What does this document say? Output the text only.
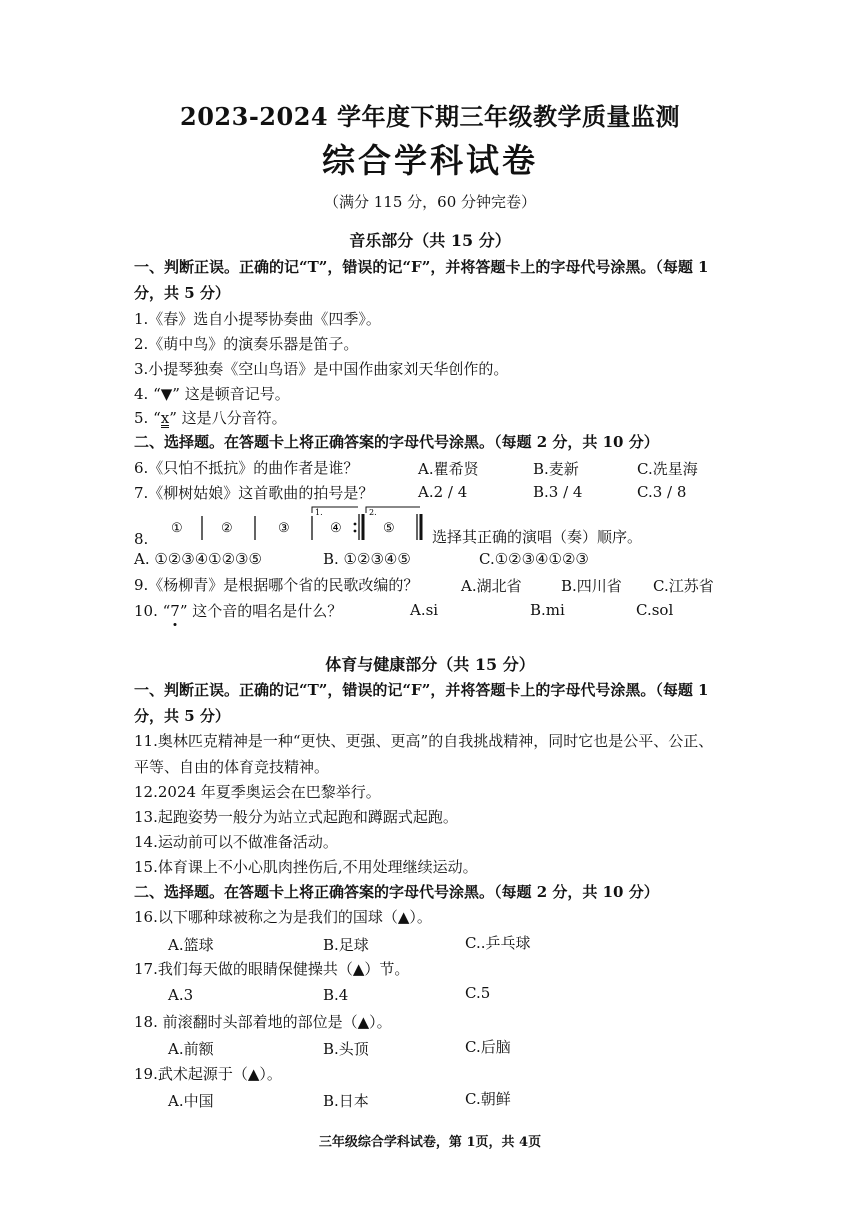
2023-2024 学年度下期三年级教学质量监测
综合学科试卷
（满分 115 分，60 分钟完卷）
音乐部分（共 15 分）
一、判断正误。正确的记“T”，错误的记“F”，并将答题卡上的字母代号涂黑。（每题 1
分，共 5 分）
1.《春》选自小提琴协奏曲《四季》。
2.《萌中鸟》的演奏乐器是笛子。
3.小提琴独奏《空山鸟语》是中国作曲家刘天华创作的。
4. “▼” 这是顿音记号。
5. “x” 这是八分音符。
二、选择题。在答题卡上将正确答案的字母代号涂黑。（每题 2 分，共 10 分）
6.《只怕不抵抗》的曲作者是谁？	A.瞿希贤	B.麦新	C.冼星海
7.《柳树姑娘》这首歌曲的拍号是？	A.2 / 4	B.3 / 4	C.3 / 8
8.
①	②	③
1.
④
2.
⑤ 选择其正确的演唱（奏）顺序。
A. ①②③④①②③⑤	B. ①②③④⑤	C.①②③④①②③
9.《杨柳青》是根据哪个省的民歌改编的？	A.湖北省	B.四川省 C.江苏省
10. “7” 这个音的唱名是什么？	A.si	B.mi	C.sol
体育与健康部分（共 15 分）
一、判断正误。正确的记“T”，错误的记“F”，并将答题卡上的字母代号涂黑。（每题 1
分，共 5 分）
11.奥林匹克精神是一种“更快、更强、更高”的自我挑战精神，同时它也是公平、公正、
平等、自由的体育竞技精神。
12.2024 年夏季奥运会在巴黎举行。
13.起跑姿势一般分为站立式起跑和蹲踞式起跑。
14.运动前可以不做准备活动。
15.体育课上不小心肌肉挫伤后,不用处理继续运动。
二、选择题。在答题卡上将正确答案的字母代号涂黑。（每题 2 分，共 10 分）
16.以下哪种球被称之为是我们的国球（▲）。
A.篮球	B.足球	C..乒乓球
17.我们每天做的眼睛保健操共（▲）节。
A.3	B.4	C.5
18. 前滚翻时头部着地的部位是（▲）。
A.前额	B.头顶	C.后脑
19.武术起源于（▲）。
A.中国	B.日本	C.朝鲜
三年级综合学科试卷，第 1页，共 4页
